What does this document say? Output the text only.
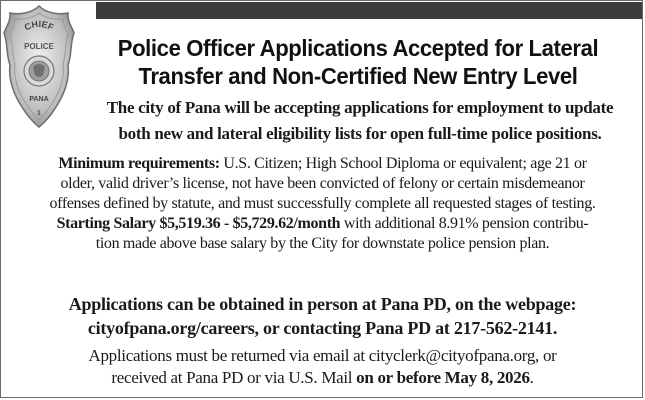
CHIEF
POLICE
PANA
1
Police Officer Applications Accepted for Lateral
Transfer and Non-Certified New Entry Level
The city of Pana will be accepting applications for employment to update
both new and lateral eligibility lists for open full-time police positions.
Minimum requirements: U.S. Citizen; High School Diploma or equivalent; age 21 or
older, valid driver’s license, not have been convicted of felony or certain misdemeanor
offenses defined by statute, and must successfully complete all requested stages of testing.
Starting Salary $5,519.36 - $5,729.62/month with additional 8.91% pension contribu-
tion made above base salary by the City for downstate police pension plan.
Applications can be obtained in person at Pana PD, on the webpage:
cityofpana.org/careers, or contacting Pana PD at 217-562-2141.
Applications must be returned via email at cityclerk@cityofpana.org, or
received at Pana PD or via U.S. Mail on or before May 8, 2026.
